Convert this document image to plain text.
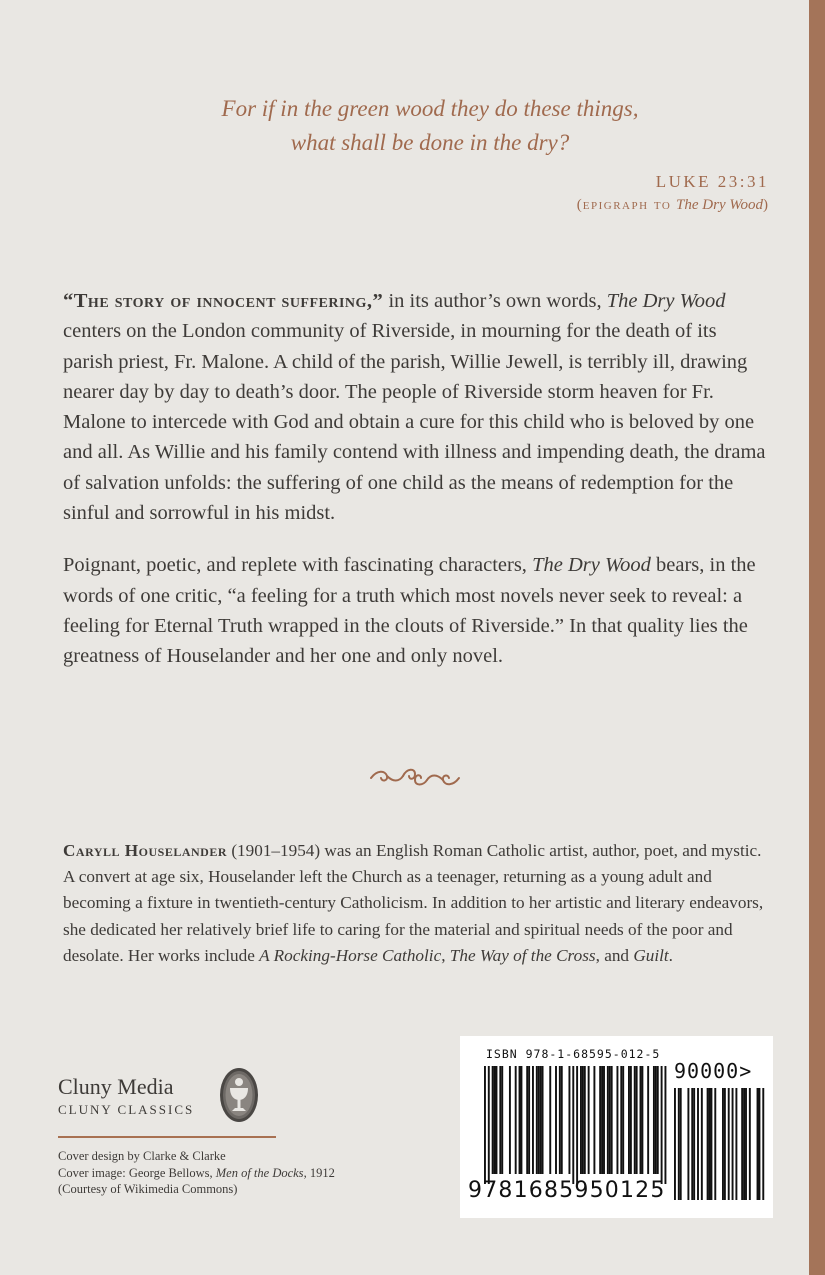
For if in the green wood they do these things,
what shall be done in the dry?
LUKE 23:31
(epigraph to The Dry Wood)

“The story of innocent suffering,” in its author’s own words, The Dry Wood centers on the London community of Riverside, in mourning for the death of its parish priest, Fr. Malone. A child of the parish, Willie Jewell, is terribly ill, drawing nearer day by day to death’s door. The people of Riverside storm heaven for Fr. Malone to intercede with God and obtain a cure for this child who is beloved by one and all. As Willie and his family contend with illness and impending death, the drama of salvation unfolds: the suffering of one child as the means of redemption for the sinful and sorrowful in his midst.

Poignant, poetic, and replete with fascinating characters, The Dry Wood bears, in the words of one critic, “a feeling for a truth which most novels never seek to reveal: a feeling for Eternal Truth wrapped in the clouts of Riverside.” In that quality lies the greatness of Houselander and her one and only novel.

Caryll Houselander (1901–1954) was an English Roman Catholic artist, author, poet, and mystic. A convert at age six, Houselander left the Church as a teenager, returning as a young adult and becoming a fixture in twentieth-century Catholicism. In addition to her artistic and literary endeavors, she dedicated her relatively brief life to caring for the material and spiritual needs of the poor and desolate. Her works include A Rocking-Horse Catholic, The Way of the Cross, and Guilt.

Cluny Media
CLUNY CLASSICS
Cover design by Clarke & Clarke
Cover image: George Bellows, Men of the Docks, 1912
(Courtesy of Wikimedia Commons)
ISBN 978-1-68595-012-5
90000>
9781685950125
